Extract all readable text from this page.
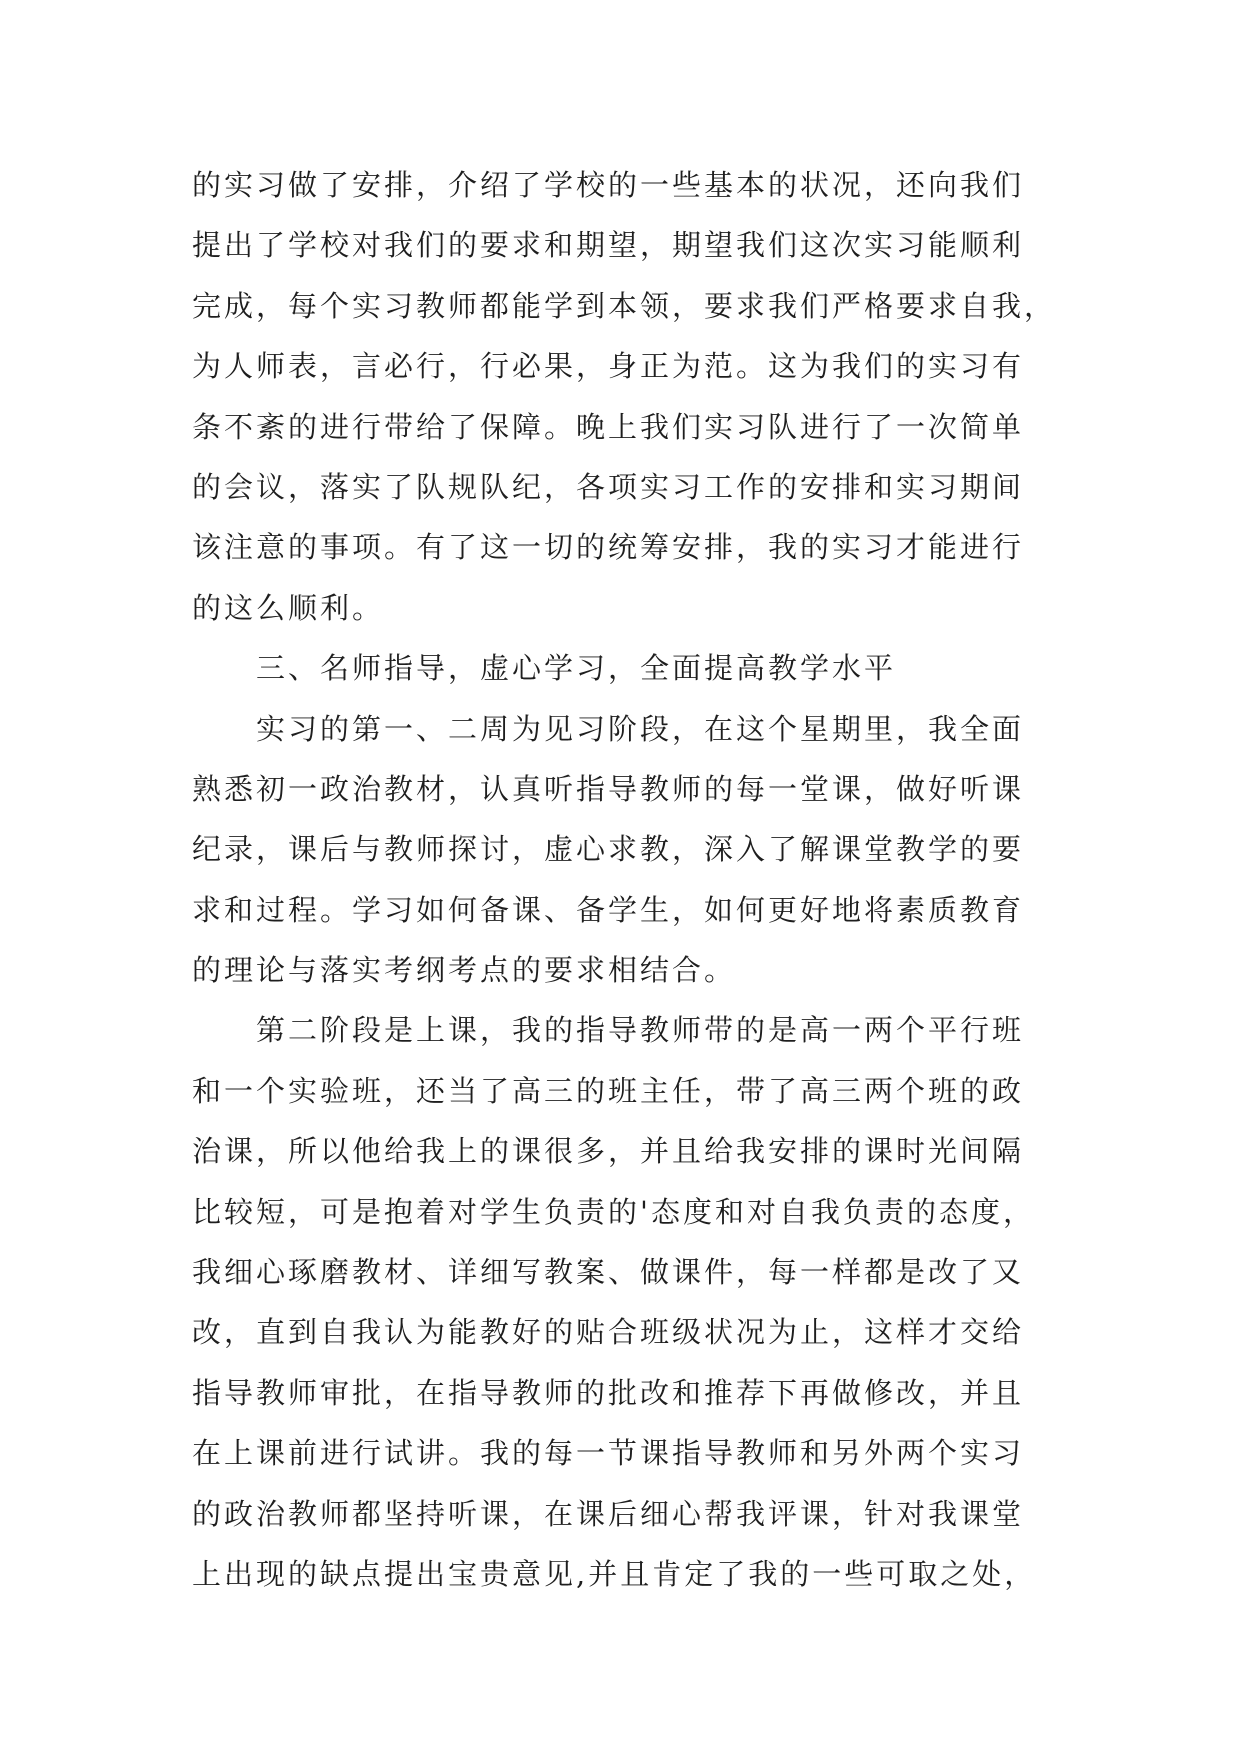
的实习做了安排，介绍了学校的一些基本的状况，还向我们
提出了学校对我们的要求和期望，期望我们这次实习能顺利
完成，每个实习教师都能学到本领，要求我们严格要求自我，
为人师表，言必行，行必果，身正为范。这为我们的实习有
条不紊的进行带给了保障。晚上我们实习队进行了一次简单
的会议，落实了队规队纪，各项实习工作的安排和实习期间
该注意的事项。有了这一切的统筹安排，我的实习才能进行
的这么顺利。
三、名师指导，虚心学习，全面提高教学水平
实习的第一、二周为见习阶段，在这个星期里，我全面
熟悉初一政治教材，认真听指导教师的每一堂课，做好听课
纪录，课后与教师探讨，虚心求教，深入了解课堂教学的要
求和过程。学习如何备课、备学生，如何更好地将素质教育
的理论与落实考纲考点的要求相结合。
第二阶段是上课，我的指导教师带的是高一两个平行班
和一个实验班，还当了高三的班主任，带了高三两个班的政
治课，所以他给我上的课很多，并且给我安排的课时光间隔
比较短，可是抱着对学生负责的'态度和对自我负责的态度，
我细心琢磨教材、详细写教案、做课件，每一样都是改了又
改，直到自我认为能教好的贴合班级状况为止，这样才交给
指导教师审批，在指导教师的批改和推荐下再做修改，并且
在上课前进行试讲。我的每一节课指导教师和另外两个实习
的政治教师都坚持听课，在课后细心帮我评课，针对我课堂
上出现的缺点提出宝贵意见,并且肯定了我的一些可取之处，
